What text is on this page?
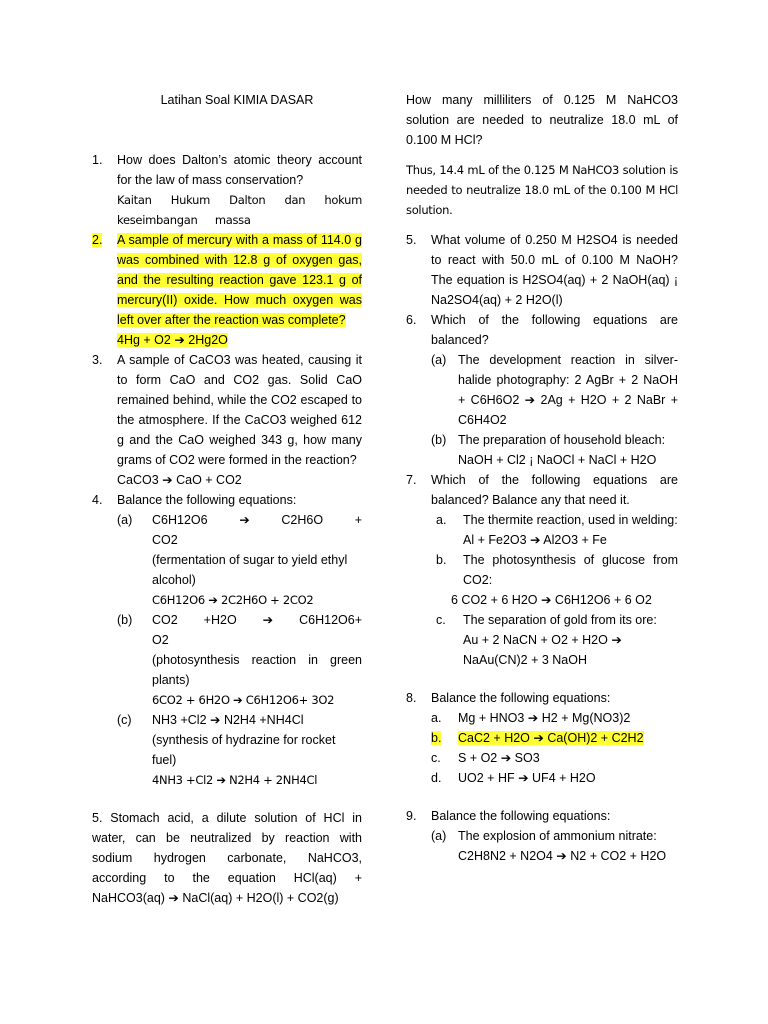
Latihan Soal KIMIA DASAR
1.	How does Dalton’s atomic theory account for the law of mass conservation?
Kaitan Hukum Dalton dan hokum keseimbangan massa
2.	A sample of mercury with a mass of 114.0 g was combined with 12.8 g of oxygen gas, and the resulting reaction gave 123.1 g of mercury(II) oxide. How much oxygen was left over after the reaction was complete?
4Hg + O2 ➔ 2Hg2O
3.	A sample of CaCO3 was heated, causing it to form CaO and CO2 gas. Solid CaO remained behind, while the CO2 escaped to the atmosphere. If the CaCO3 weighed 612 g and the CaO weighed 343 g, how many grams of CO2 were formed in the reaction?
CaCO3 ➔ CaO + CO2
4.	Balance the following equations:
(a)	C6H12O6 ➔ C2H6O + CO2
(fermentation of sugar to yield ethyl alcohol)
C6H12O6 ➔ 2C2H6O + 2CO2
(b)	CO2 +H2O ➔ C6H12O6+ O2
(photosynthesis reaction in green plants)
6CO2 + 6H2O ➔ C6H12O6+ 3O2
(c)	NH3 +Cl2 ➔ N2H4 +NH4Cl (synthesis of hydrazine for rocket fuel)
4NH3 +Cl2 ➔ N2H4 + 2NH4Cl
5. Stomach acid, a dilute solution of HCl in water, can be neutralized by reaction with sodium hydrogen carbonate, NaHCO3, according to the equation HCl(aq) + NaHCO3(aq) ➔ NaCl(aq) + H2O(l) + CO2(g)
How many milliliters of 0.125 M NaHCO3 solution are needed to neutralize 18.0 mL of 0.100 M HCl?
Thus, 14.4 mL of the 0.125 M NaHCO3 solution is needed to neutralize 18.0 mL of the 0.100 M HCl solution.
5.	What volume of 0.250 M H2SO4 is needed to react with 50.0 mL of 0.100 M NaOH? The equation is H2SO4(aq) + 2 NaOH(aq) ¡ Na2SO4(aq) + 2 H2O(l)
6.	Which of the following equations are balanced?
(a) The development reaction in silver-halide photography: 2 AgBr + 2 NaOH + C6H6O2 ➔ 2Ag + H2O + 2 NaBr + C6H4O2
(b) The preparation of household bleach:
NaOH + Cl2 ¡ NaOCl + NaCl + H2O
7.	Which of the following equations are balanced? Balance any that need it.
a.	The thermite reaction, used in welding:
Al + Fe2O3 ➔ Al2O3 + Fe
b.	The photosynthesis of glucose from CO2:
6 CO2 + 6 H2O ➔ C6H12O6 + 6 O2
c.	The separation of gold from its ore:
Au + 2 NaCN + O2 + H2O ➔ NaAu(CN)2 + 3 NaOH
8.	Balance the following equations:
a.	Mg + HNO3 ➔ H2 + Mg(NO3)2
b.	CaC2 + H2O ➔ Ca(OH)2 + C2H2
c.	S + O2 ➔ SO3
d.	UO2 + HF ➔ UF4 + H2O
9.	Balance the following equations:
(a) The explosion of ammonium nitrate:
C2H8N2 + N2O4 ➔ N2 + CO2 + H2O
